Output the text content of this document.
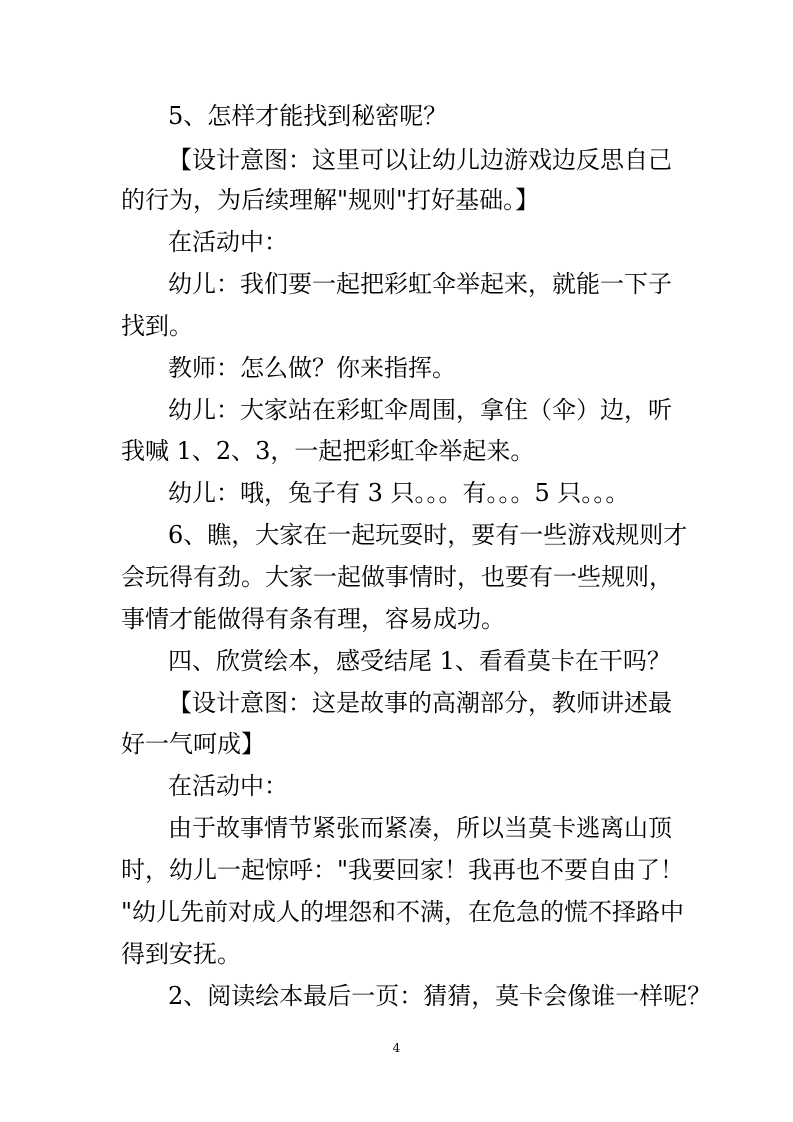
5、怎样才能找到秘密呢？

【设计意图：这里可以让幼儿边游戏边反思自己

的行为，为后续理解"规则"打好基础。】

在活动中：

幼儿：我们要一起把彩虹伞举起来，就能一下子

找到。

教师：怎么做？你来指挥。

幼儿：大家站在彩虹伞周围，拿住（伞）边，听

我喊 1、2、3，一起把彩虹伞举起来。

幼儿：哦，兔子有 3 只。。。有。。。5 只。。。

6、瞧，大家在一起玩耍时，要有一些游戏规则才

会玩得有劲。大家一起做事情时，也要有一些规则，

事情才能做得有条有理，容易成功。

四、欣赏绘本，感受结尾 1、看看莫卡在干吗？

【设计意图：这是故事的高潮部分，教师讲述最

好一气呵成】

在活动中：

由于故事情节紧张而紧凑，所以当莫卡逃离山顶

时，幼儿一起惊呼："我要回家！我再也不要自由了！

"幼儿先前对成人的埋怨和不满，在危急的慌不择路中

得到安抚。

2、阅读绘本最后一页：猜猜，莫卡会像谁一样呢？

4
